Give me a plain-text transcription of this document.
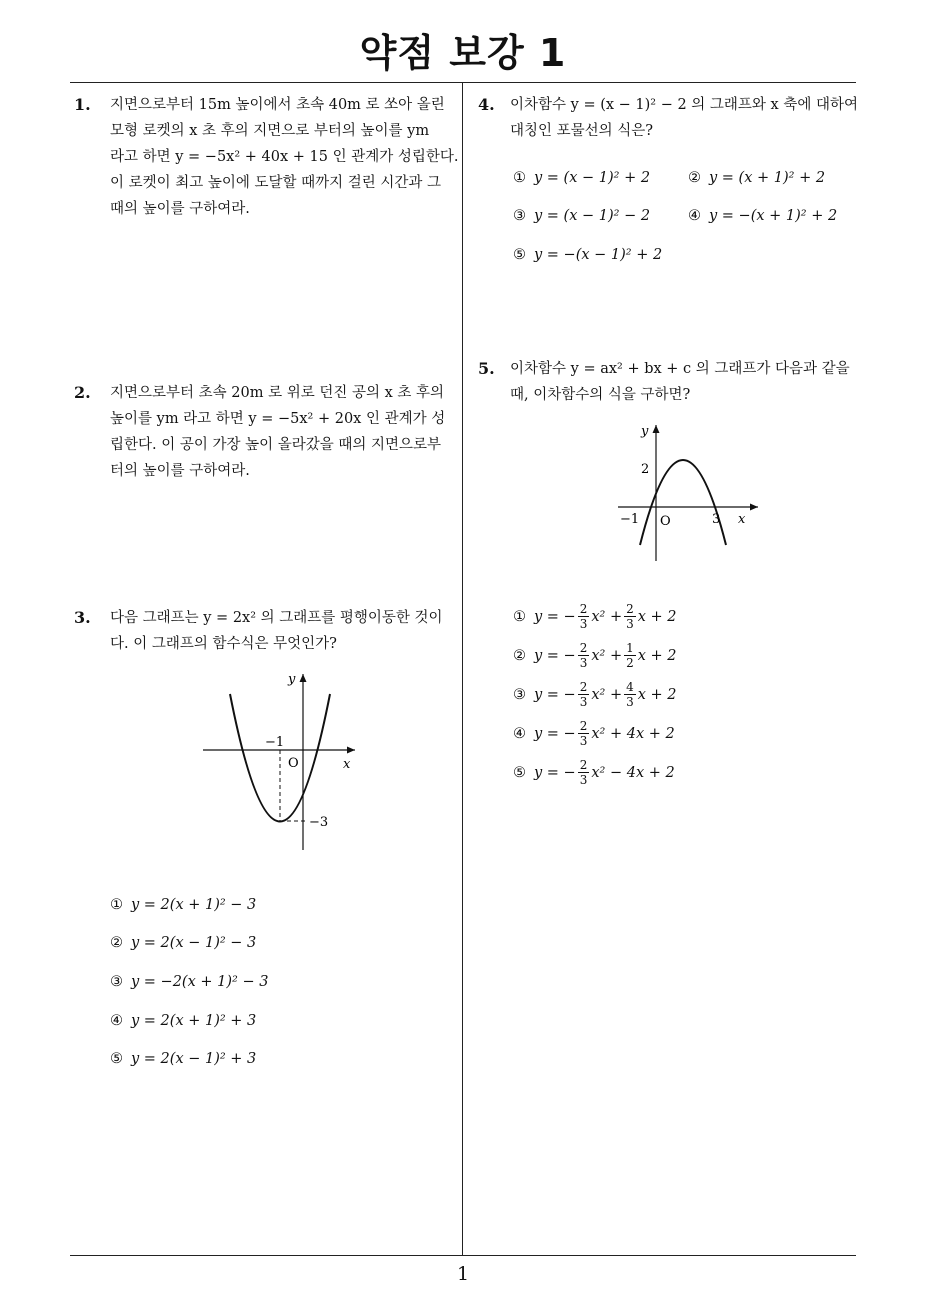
약점 보강 1
1
1. 지면으로부터 15m 높이에서 초속 40m 로 쏘아 올린
모형 로켓의 x 초 후의 지면으로 부터의 높이를 ym
라고 하면 y = −5x² + 40x + 15 인 관계가 성립한다.
이 로켓이 최고 높이에 도달할 때까지 걸린 시간과 그
때의 높이를 구하여라.
2. 지면으로부터 초속 20m 로 위로 던진 공의 x 초 후의
높이를 ym 라고 하면 y = −5x² + 20x 인 관계가 성
립한다. 이 공이 가장 높이 올라갔을 때의 지면으로부
터의 높이를 구하여라.
3. 다음 그래프는 y = 2x² 의 그래프를 평행이동한 것이
다. 이 그래프의 함수식은 무엇인가?
y
x
O
−1
−3
① y = 2(x + 1)² − 3
② y = 2(x − 1)² − 3
③ y = −2(x + 1)² − 3
④ y = 2(x + 1)² + 3
⑤ y = 2(x − 1)² + 3
4. 이차함수 y = (x − 1)² − 2 의 그래프와 x 축에 대하여
대칭인 포물선의 식은?
① y = (x − 1)² + 2	② y = (x + 1)² + 2
③ y = (x − 1)² − 2	④ y = −(x + 1)² + 2
⑤ y = −(x − 1)² + 2
5. 이차함수 y = ax² + bx + c 의 그래프가 다음과 같을
때, 이차함수의 식을 구하면?
y
x
O
2
−1	3
① y = − $\frac{2}{3} x^2 + \frac{2}{3}$ x + 2
② y = − $\frac{2}{3} x^2 + \frac{1}{2}$ x + 2
③ y = − $\frac{2}{3} x^2 + \frac{4}{3}$ x + 2
④ y = − $\frac{2}{3} x^2 + 4x + 2$
⑤ y = − $\frac{2}{3} x^2 - 4x + 2$
